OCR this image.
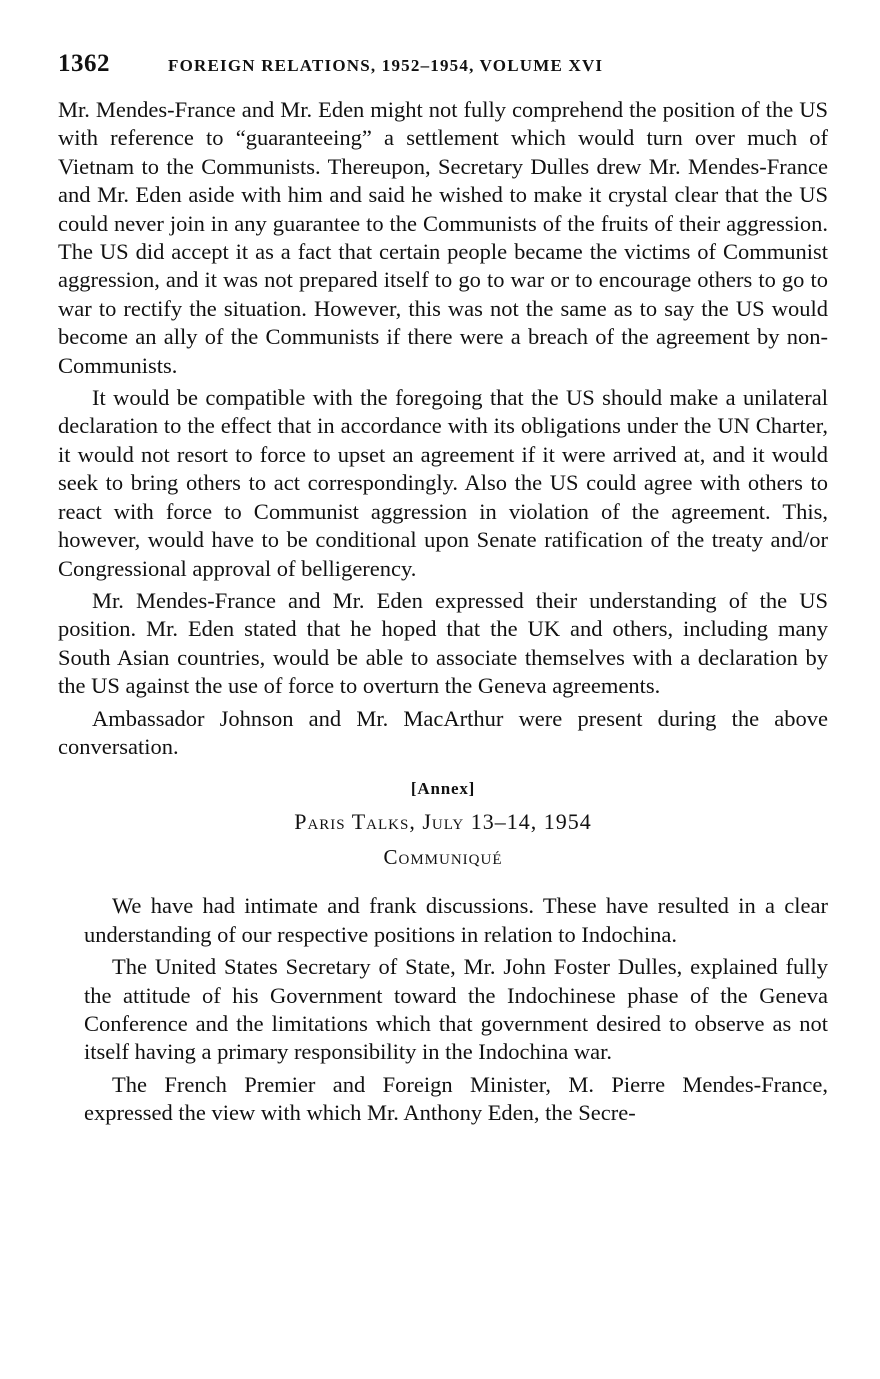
1362	FOREIGN RELATIONS, 1952–1954, VOLUME XVI

Mr. Mendes-France and Mr. Eden might not fully comprehend the position of the US with reference to “guaranteeing” a settlement which would turn over much of Vietnam to the Communists. Thereupon, Secretary Dulles drew Mr. Mendes-France and Mr. Eden aside with him and said he wished to make it crystal clear that the US could never join in any guarantee to the Communists of the fruits of their aggression. The US did accept it as a fact that certain people became the victims of Communist aggression, and it was not prepared itself to go to war or to encourage others to go to war to rectify the situation. However, this was not the same as to say the US would become an ally of the Communists if there were a breach of the agreement by non-Communists.

It would be compatible with the foregoing that the US should make a unilateral declaration to the effect that in accordance with its obligations under the UN Charter, it would not resort to force to upset an agreement if it were arrived at, and it would seek to bring others to act correspondingly. Also the US could agree with others to react with force to Communist aggression in violation of the agreement. This, however, would have to be conditional upon Senate ratification of the treaty and/or Congressional approval of belligerency.

Mr. Mendes-France and Mr. Eden expressed their understanding of the US position. Mr. Eden stated that he hoped that the UK and others, including many South Asian countries, would be able to associate themselves with a declaration by the US against the use of force to overturn the Geneva agreements.

Ambassador Johnson and Mr. MacArthur were present during the above conversation.

[Annex]
Paris Talks, July 13–14, 1954
Communiqué

We have had intimate and frank discussions. These have resulted in a clear understanding of our respective positions in relation to Indochina.

The United States Secretary of State, Mr. John Foster Dulles, explained fully the attitude of his Government toward the Indochinese phase of the Geneva Conference and the limitations which that government desired to observe as not itself having a primary responsibility in the Indochina war.

The French Premier and Foreign Minister, M. Pierre Mendes-France, expressed the view with which Mr. Anthony Eden, the Secre-
